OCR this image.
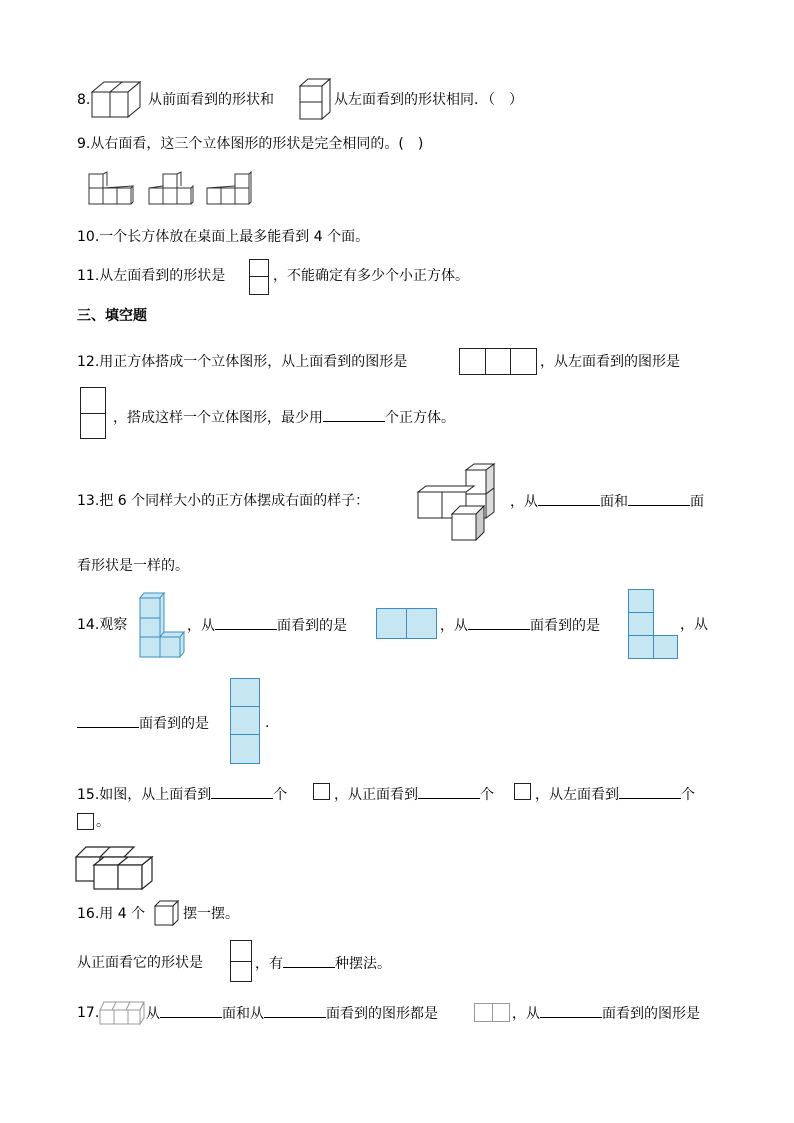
8.	从前面看到的形状和	从左面看到的形状相同．（　）
9.从右面看，这三个立体图形的形状是完全相同的。(　)
10.一个长方体放在桌面上最多能看到 4 个面。
11.从左面看到的形状是	，不能确定有多少个小正方体。
三、填空题
12.用正方体搭成一个立体图形，从上面看到的图形是	，从左面看到的图形是
，搭成这样一个立体图形，最少用	个正方体。
13.把 6 个同样大小的正方体摆成右面的样子：	，从	面和	面
看形状是一样的。
14.观察	，从	面看到的是	，从	面看到的是	，从
面看到的是	.
15.如图，从上面看到	个	，从正面看到	个	，从左面看到	个
。
16.用 4 个	摆一摆。
从正面看它的形状是	，有	种摆法。
17.	从	面和从	面看到的图形都是	，从	面看到的图形是
